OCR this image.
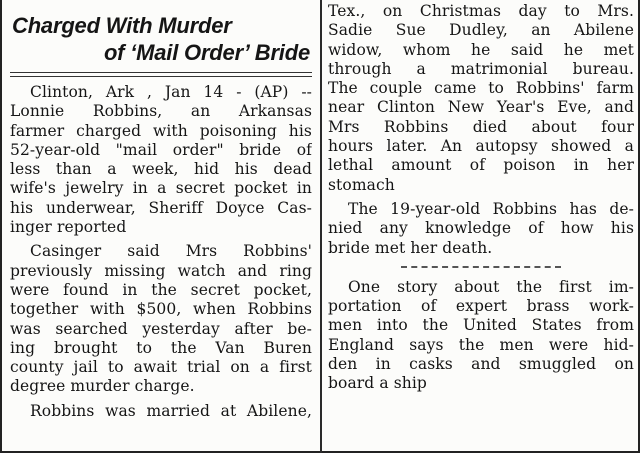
Charged With Murder
of ‘Mail Order’ Bride
Clinton, Ark , Jan 14 - (AP) --
Lonnie Robbins, an Arkansas
farmer charged with poisoning his
52-year-old "mail order" bride of
less than a week, hid his dead
wife's jewelry in a secret pocket in
his underwear, Sheriff Doyce Cas-
inger reported
Casinger said Mrs Robbins'
previously missing watch and ring
were found in the secret pocket,
together with $500, when Robbins
was searched yesterday after be-
ing brought to the Van Buren
county jail to await trial on a first
degree murder charge.
Robbins was married at Abilene,
Tex., on Christmas day to Mrs.
Sadie Sue Dudley, an Abilene
widow, whom he said he met
through a matrimonial bureau.
The couple came to Robbins' farm
near Clinton New Year's Eve, and
Mrs Robbins died about four
hours later. An autopsy showed a
lethal amount of poison in her
stomach
The 19-year-old Robbins has de-
nied any knowledge of how his
bride met her death.
One story about the first im-
portation of expert brass work-
men into the United States from
England says the men were hid-
den in casks and smuggled on
board a ship
